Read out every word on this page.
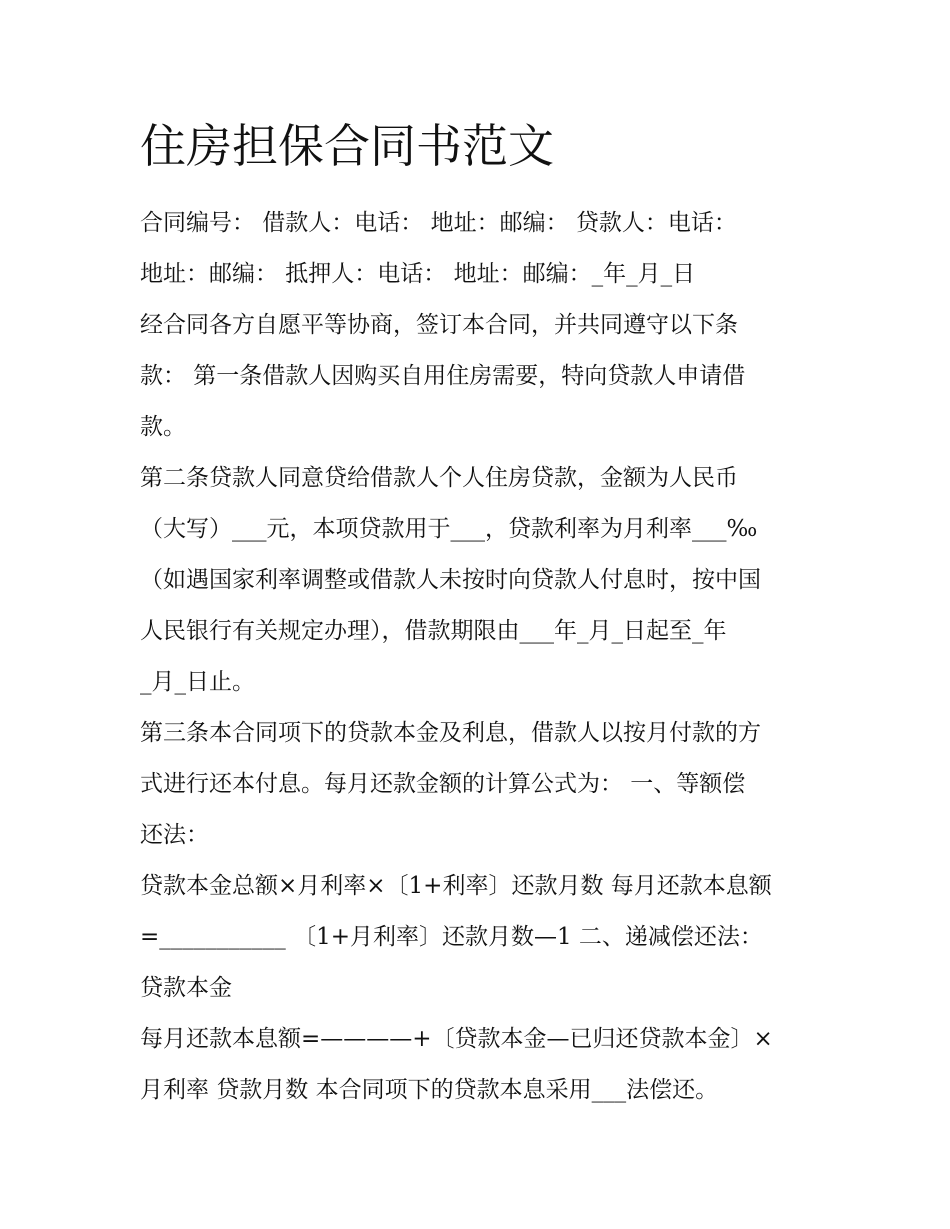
住房担保合同书范文
合同编号： 借款人：电话： 地址：邮编： 贷款人：电话：
地址：邮编： 抵押人：电话： 地址：邮编：_年_月_日
经合同各方自愿平等协商，签订本合同，并共同遵守以下条
款： 第一条借款人因购买自用住房需要，特向贷款人申请借
款。
第二条贷款人同意贷给借款人个人住房贷款，金额为人民币
（大写）___元，本项贷款用于___，贷款利率为月利率___‰
（如遇国家利率调整或借款人未按时向贷款人付息时，按中国
人民银行有关规定办理），借款期限由___年_月_日起至_年
_月_日止。
第三条本合同项下的贷款本金及利息，借款人以按月付款的方
式进行还本付息。每月还款金额的计算公式为： 一、等额偿
还法：
贷款本金总额×月利率×〔1+利率〕还款月数 每月还款本息额
=___________ 〔1+月利率〕还款月数—1 二、递减偿还法：
贷款本金
每月还款本息额=————+〔贷款本金—已归还贷款本金〕×
月利率 贷款月数 本合同项下的贷款本息采用___法偿还。
